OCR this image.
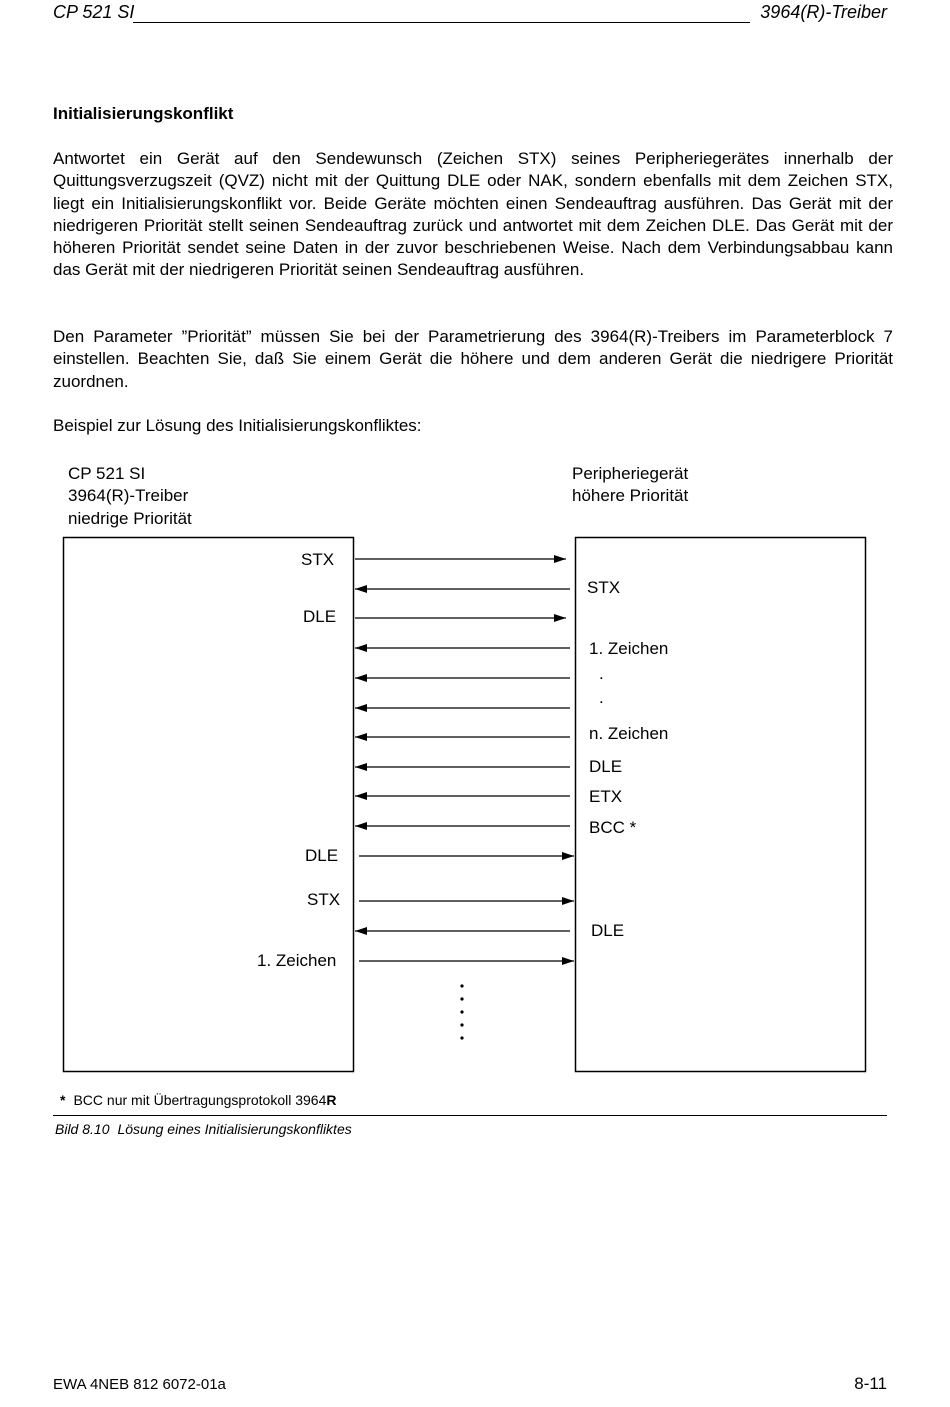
CP 521 SI	3964(R)-Treiber
Initialisierungskonflikt

Antwortet ein Gerät auf den Sendewunsch (Zeichen STX) seines Peripheriegerätes innerhalb der Quittungsverzugszeit (QVZ) nicht mit der Quittung DLE oder NAK, sondern ebenfalls mit dem Zeichen STX, liegt ein Initialisierungskonflikt vor. Beide Geräte möchten einen Sendeauftrag ausführen. Das Gerät mit der niedrigeren Priorität stellt seinen Sendeauftrag zurück und antwortet mit dem Zeichen DLE. Das Gerät mit der höheren Priorität sendet seine Daten in der zuvor beschriebenen Weise. Nach dem Verbindungsabbau kann das Gerät mit der niedrigeren Priorität seinen Sendeauftrag ausführen.

Den Parameter ”Priorität” müssen Sie bei der Parametrierung des 3964(R)-Treibers im Parameterblock 7 einstellen. Beachten Sie, daß Sie einem Gerät die höhere und dem anderen Gerät die niedrigere Priorität zuordnen.

Beispiel zur Lösung des Initialisierungskonfliktes:

CP 521 SI
3964(R)-Treiber
niedrige Priorität
Peripheriegerät
höhere Priorität
STX
DLE
DLE
STX
1. Zeichen
STX
1. Zeichen
.
.
n. Zeichen
DLE
ETX
BCC *
DLE
* BCC nur mit Übertragungsprotokoll 3964R
Bild 8.10 Lösung eines Initialisierungskonfliktes
EWA 4NEB 812 6072-01a	8-11
